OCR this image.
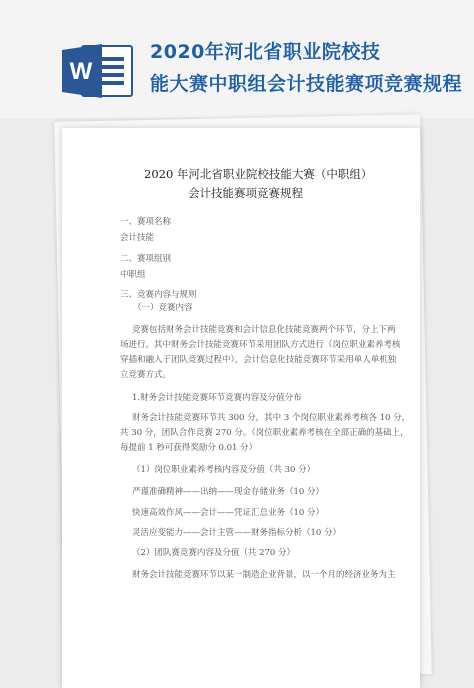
W
2020年河北省职业院校技
能大赛中职组会计技能赛项竞赛规程
2020 年河北省职业院校技能大赛（中职组）
会计技能赛项竞赛规程
一、赛项名称
会计技能
二、赛项组别
中职组
三、竞赛内容与规则
（一）竞赛内容
竞赛包括财务会计技能竞赛和会计信息化技能竞赛两个环节，分上下两
场进行。其中财务会计技能竞赛环节采用团队方式进行（岗位职业素养考核
穿插和融入于团队竞赛过程中），会计信息化技能竞赛环节采用单人单机独
立竞赛方式。
1.财务会计技能竞赛环节竞赛内容及分值分布
财务会计技能竞赛环节共 300 分，其中 3 个岗位职业素养考核各 10 分，
共 30 分，团队合作竞赛 270 分。（岗位职业素养考核在全部正确的基础上，
每提前 1 秒可获得奖励分 0.01 分）
（1）岗位职业素养考核内容及分值（共 30 分）
严谨准确精神——出纳——现金存储业务（10 分）
快速高效作风——会计——凭证汇总业务（10 分）
灵活应变能力——会计主管——财务指标分析（10 分）
（2）团队赛竞赛内容及分值（共 270 分）
财务会计技能竞赛环节以某一制造企业背景，以一个月的经济业务为主
